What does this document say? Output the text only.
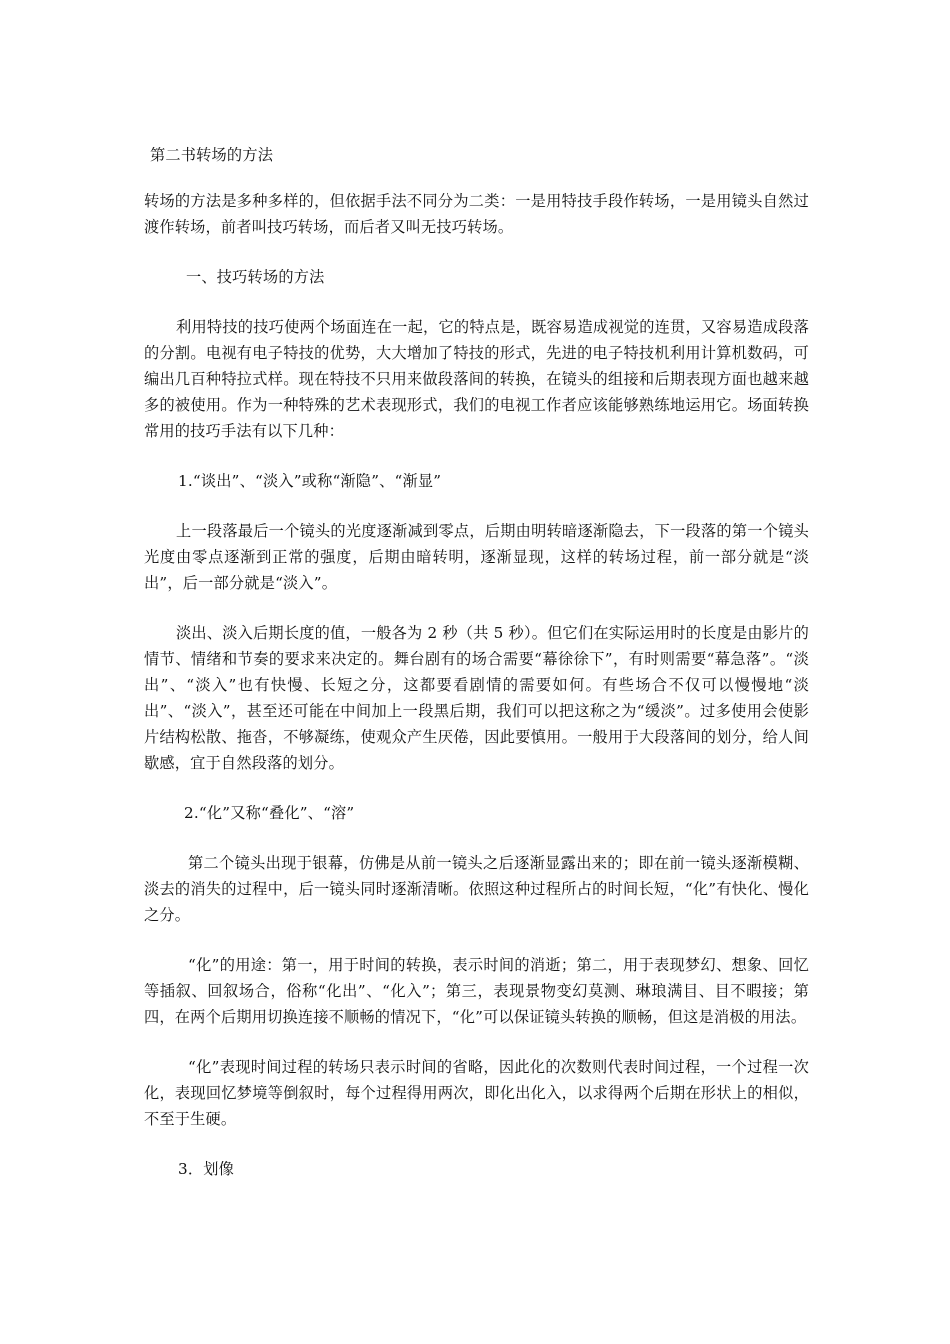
第二书转场的方法

转场的方法是多种多样的，但依据手法不同分为二类：一是用特技手段作转场，一是用镜头自然过渡作转场，前者叫技巧转场，而后者又叫无技巧转场。

一、技巧转场的方法

利用特技的技巧使两个场面连在一起，它的特点是，既容易造成视觉的连贯，又容易造成段落的分割。电视有电子特技的优势，大大增加了特技的形式，先进的电子特技机利用计算机数码，可编出几百种特拉式样。现在特技不只用来做段落间的转换，在镜头的组接和后期表现方面也越来越多的被使用。作为一种特殊的艺术表现形式，我们的电视工作者应该能够熟练地运用它。场面转换常用的技巧手法有以下几种：

1.“谈出”、“淡入”或称“渐隐”、“渐显”

上一段落最后一个镜头的光度逐渐减到零点，后期由明转暗逐渐隐去，下一段落的第一个镜头光度由零点逐渐到正常的强度，后期由暗转明，逐渐显现，这样的转场过程，前一部分就是“淡出”，后一部分就是“淡入”。

淡出、淡入后期长度的值，一般各为 2 秒（共 5 秒）。但它们在实际运用时的长度是由影片的情节、情绪和节奏的要求来决定的。舞台剧有的场合需要“幕徐徐下”，有时则需要“幕急落”。“淡出”、“淡入”也有快慢、长短之分，这都要看剧情的需要如何。有些场合不仅可以慢慢地“淡出”、“淡入”，甚至还可能在中间加上一段黑后期，我们可以把这称之为“缓淡”。过多使用会使影片结构松散、拖沓，不够凝练，使观众产生厌倦，因此要慎用。一般用于大段落间的划分，给人间歇感，宜于自然段落的划分。

2.“化”又称“叠化”、“溶”

第二个镜头出现于银幕，仿佛是从前一镜头之后逐渐显露出来的；即在前一镜头逐渐模糊、淡去的消失的过程中，后一镜头同时逐渐清晰。依照这种过程所占的时间长短，“化”有快化、慢化之分。

“化”的用途：第一，用于时间的转换，表示时间的消逝；第二，用于表现梦幻、想象、回忆等插叙、回叙场合，俗称“化出”、“化入”；第三，表现景物变幻莫测、琳琅满目、目不暇接；第四，在两个后期用切换连接不顺畅的情况下，“化”可以保证镜头转换的顺畅，但这是消极的用法。

“化”表现时间过程的转场只表示时间的省略，因此化的次数则代表时间过程，一个过程一次化，表现回忆梦境等倒叙时，每个过程得用两次，即化出化入，以求得两个后期在形状上的相似，不至于生硬。

3．划像
